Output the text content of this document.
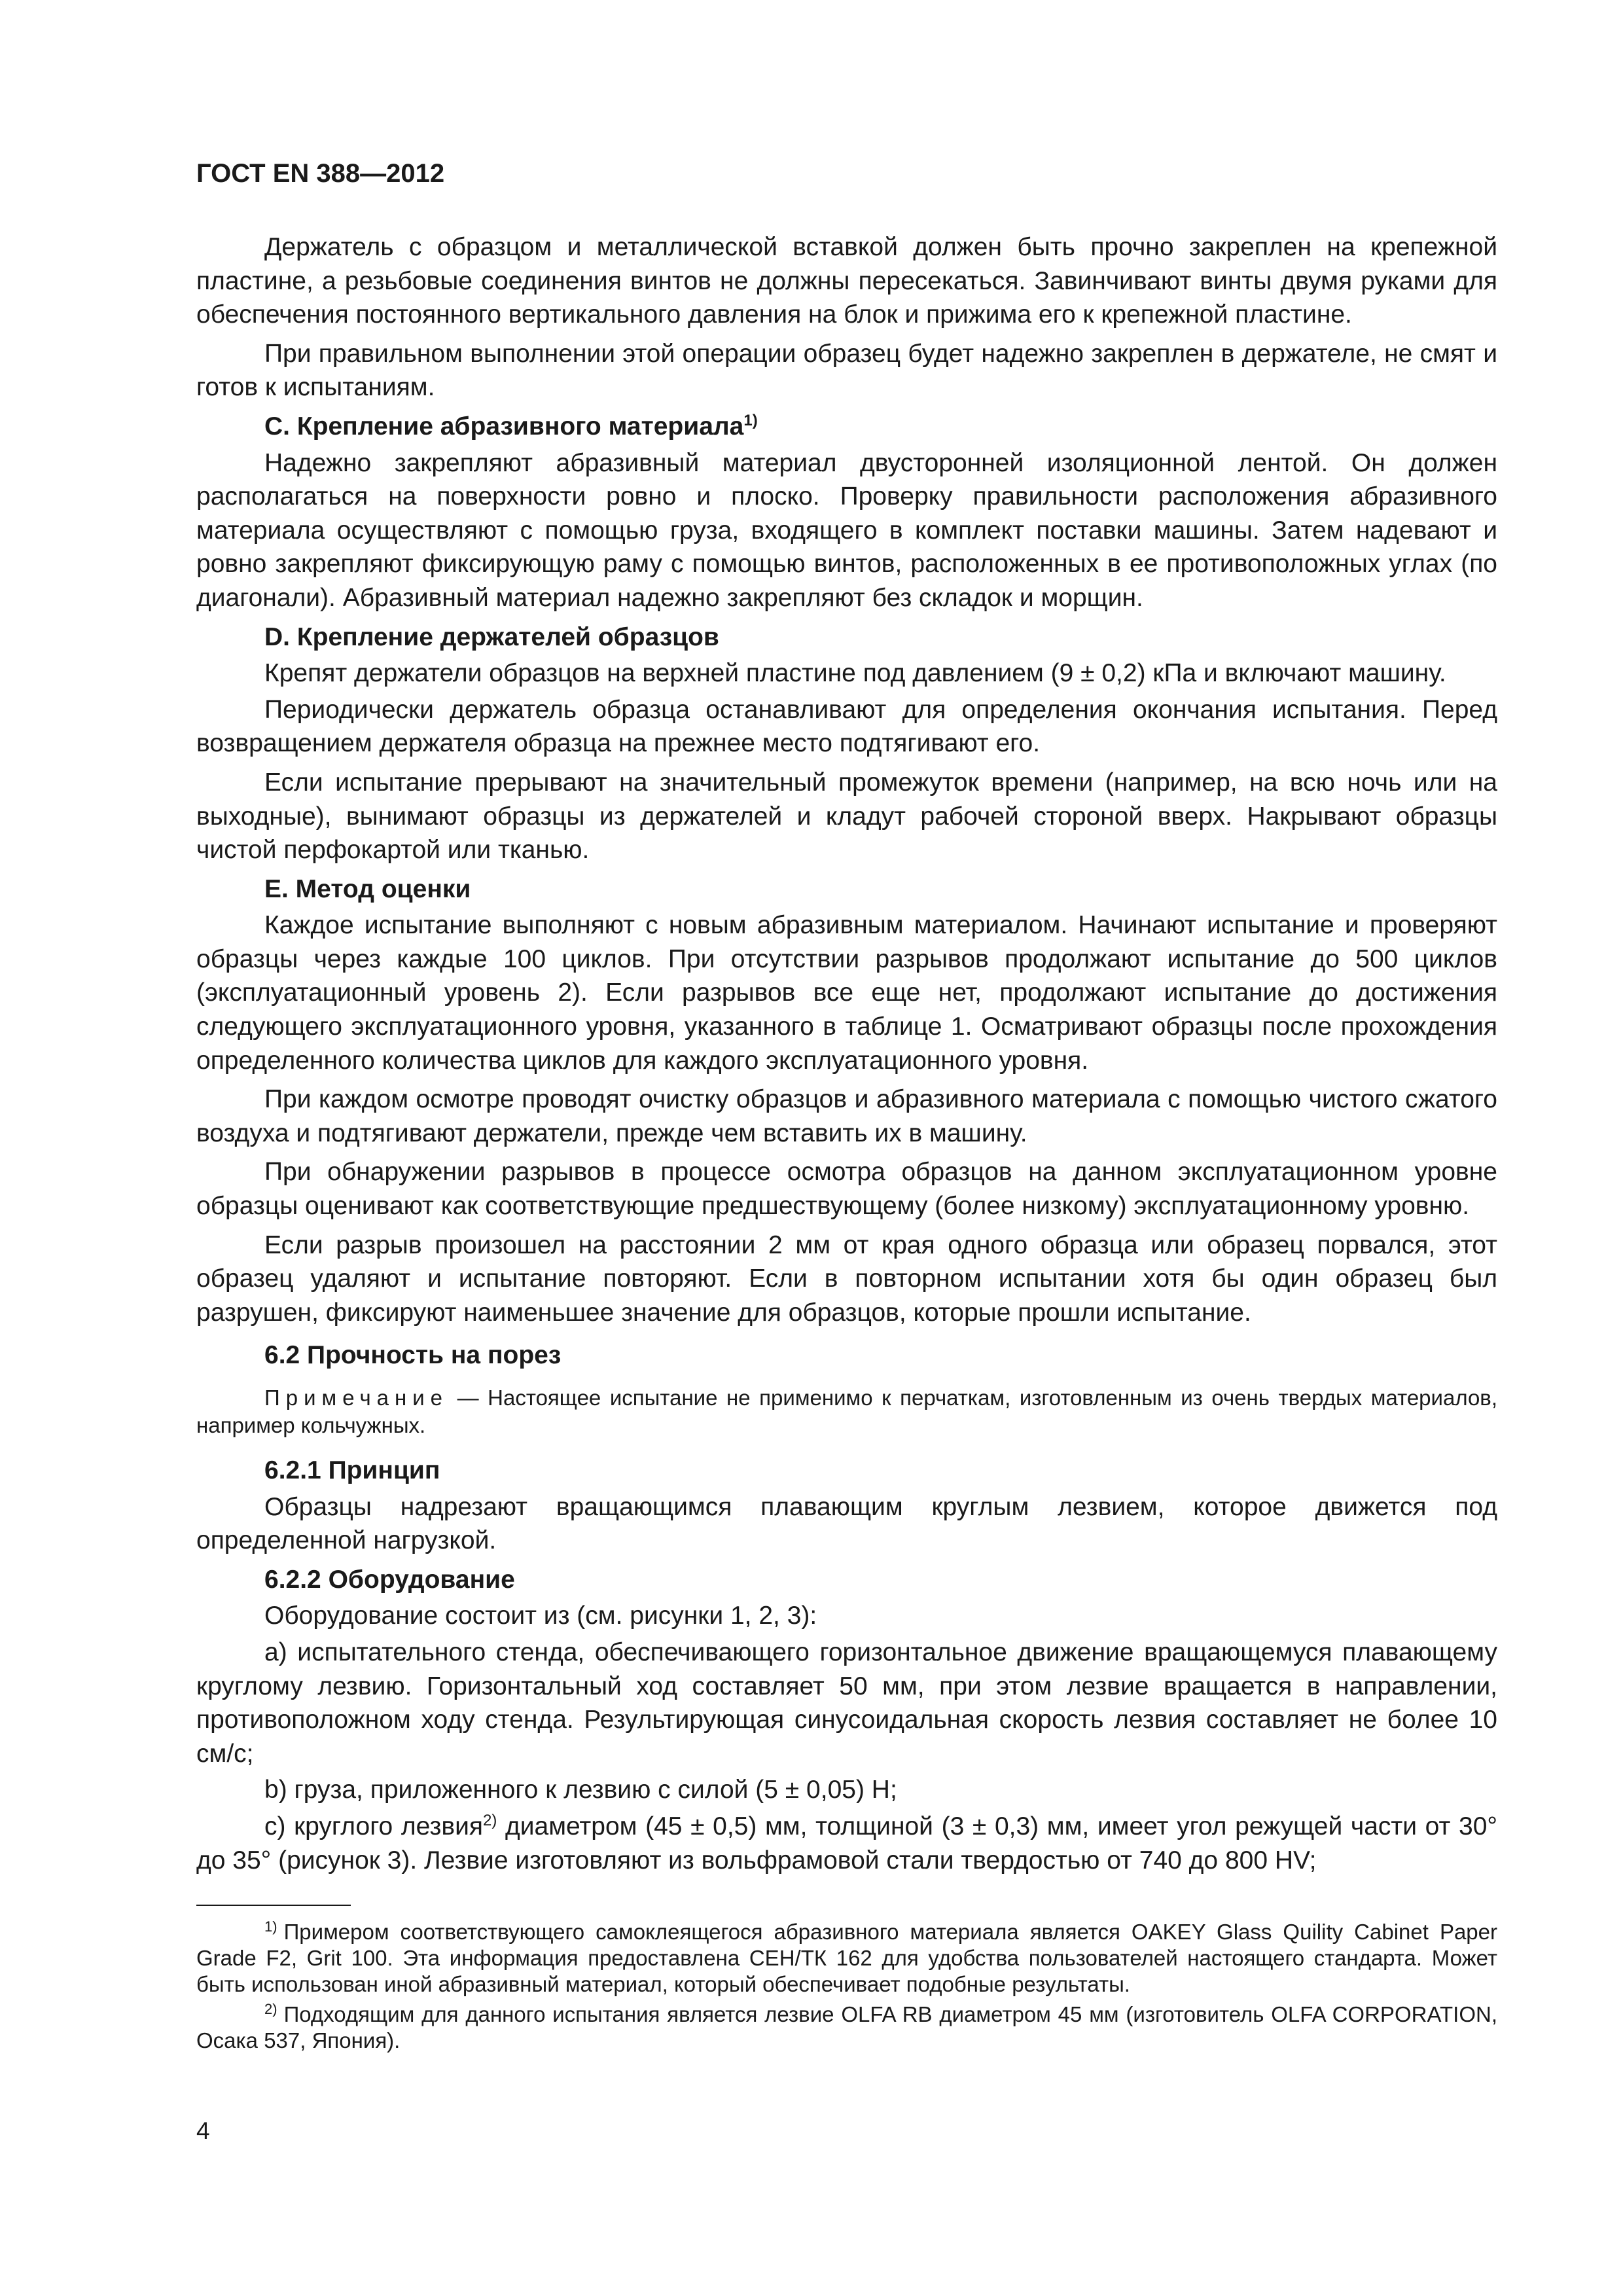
ГОСТ EN 388—2012

Держатель с образцом и металлической вставкой должен быть прочно закреплен на крепежной пластине, а резьбовые соединения винтов не должны пересекаться. Завинчивают винты двумя руками для обеспечения постоянного вертикального давления на блок и прижима его к крепежной пластине.

При правильном выполнении этой операции образец будет надежно закреплен в держателе, не смят и готов к испытаниям.

С. Крепление абразивного материала$^{1)}$

Надежно закрепляют абразивный материал двусторонней изоляционной лентой. Он должен располагаться на поверхности ровно и плоско. Проверку правильности расположения абразивного материала осуществляют с помощью груза, входящего в комплект поставки машины. Затем надевают и ровно закрепляют фиксирующую раму с помощью винтов, расположенных в ее противоположных углах (по диагонали). Абразивный материал надежно закрепляют без складок и морщин.

D. Крепление держателей образцов

Крепят держатели образцов на верхней пластине под давлением (9 ± 0,2) кПа и включают машину.

Периодически держатель образца останавливают для определения окончания испытания. Перед возвращением держателя образца на прежнее место подтягивают его.

Если испытание прерывают на значительный промежуток времени (например, на всю ночь или на выходные), вынимают образцы из держателей и кладут рабочей стороной вверх. Накрывают образцы чистой перфокартой или тканью.

Е. Метод оценки

Каждое испытание выполняют с новым абразивным материалом. Начинают испытание и проверяют образцы через каждые 100 циклов. При отсутствии разрывов продолжают испытание до 500 циклов (эксплуатационный уровень 2). Если разрывов все еще нет, продолжают испытание до достижения следующего эксплуатационного уровня, указанного в таблице 1. Осматривают образцы после прохождения определенного количества циклов для каждого эксплуатационного уровня.

При каждом осмотре проводят очистку образцов и абразивного материала с помощью чистого сжатого воздуха и подтягивают держатели, прежде чем вставить их в машину.

При обнаружении разрывов в процессе осмотра образцов на данном эксплуатационном уровне образцы оценивают как соответствующие предшествующему (более низкому) эксплуатационному уровню.

Если разрыв произошел на расстоянии 2 мм от края одного образца или образец порвался, этот образец удаляют и испытание повторяют. Если в повторном испытании хотя бы один образец был разрушен, фиксируют наименьшее значение для образцов, которые прошли испытание.

6.2 Прочность на порез

Примечание — Настоящее испытание не применимо к перчаткам, изготовленным из очень твердых материалов, например кольчужных.

6.2.1 Принцип

Образцы надрезают вращающимся плавающим круглым лезвием, которое движется под определенной нагрузкой.

6.2.2 Оборудование

Оборудование состоит из (см. рисунки 1, 2, 3):

а) испытательного стенда, обеспечивающего горизонтальное движение вращающемуся плавающему круглому лезвию. Горизонтальный ход составляет 50 мм, при этом лезвие вращается в направлении, противоположном ходу стенда. Результирующая синусоидальная скорость лезвия составляет не более 10 см/с;

b) груза, приложенного к лезвию с силой (5 ± 0,05) Н;

с) круглого лезвия$^{2)}$ диаметром (45 ± 0,5) мм, толщиной (3 ± 0,3) мм, имеет угол режущей части от 30° до 35° (рисунок 3). Лезвие изготовляют из вольфрамовой стали твердостью от 740 до 800 HV;

$^{1)}$ Примером соответствующего самоклеящегося абразивного материала является OAKEY Glass Quility Cabinet Paper Grade F2, Grit 100. Эта информация предоставлена СЕН/ТК 162 для удобства пользователей настоящего стандарта. Может быть использован иной абразивный материал, который обеспечивает подобные результаты.

$^{2)}$ Подходящим для данного испытания является лезвие OLFA RB диаметром 45 мм (изготовитель OLFA CORPORATION, Осака 537, Япония).

4
